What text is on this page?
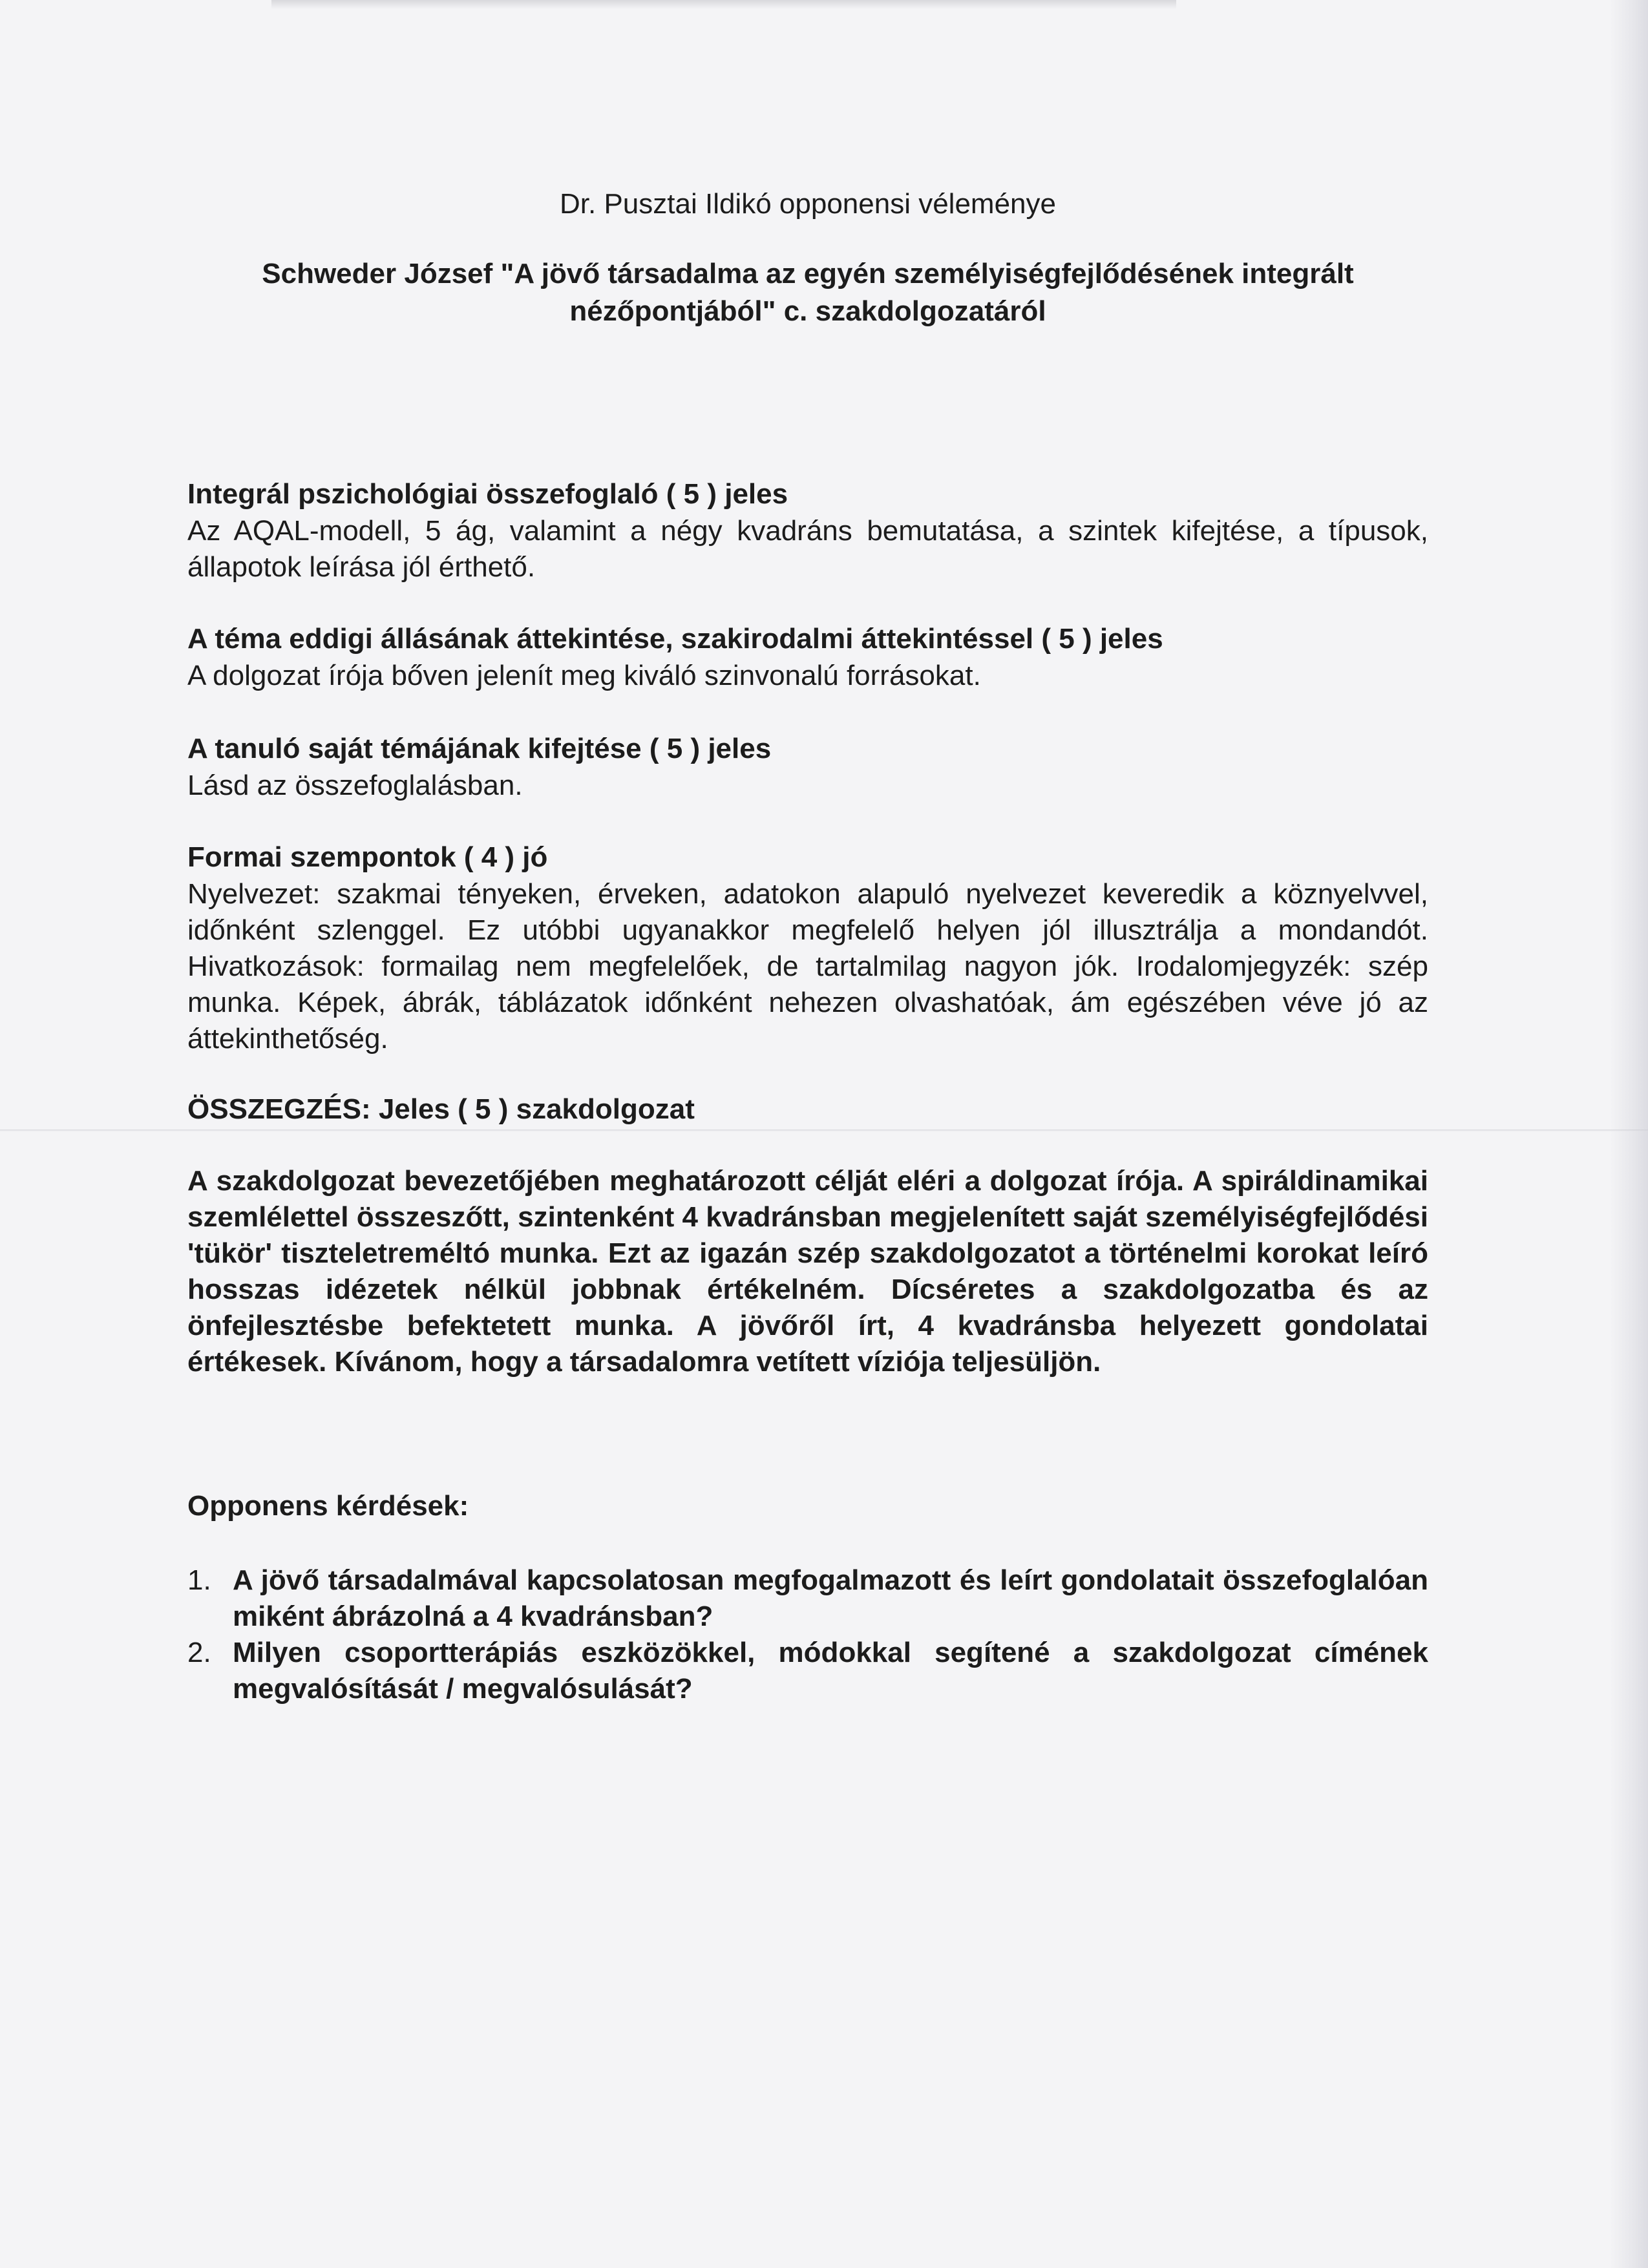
Dr. Pusztai Ildikó opponensi véleménye
Schweder József "A jövő társadalma az egyén személyiségfejlődésének integrált
nézőpontjából" c. szakdolgozatáról
Integrál pszichológiai összefoglaló ( 5 ) jeles
Az AQAL-modell, 5 ág, valamint a négy kvadráns bemutatása, a szintek kifejtése, a típusok, állapotok leírása jól érthető.
A téma eddigi állásának áttekintése, szakirodalmi áttekintéssel ( 5 ) jeles
A dolgozat írója bőven jelenít meg kiváló szinvonalú forrásokat.
A tanuló saját témájának kifejtése ( 5 ) jeles
Lásd az összefoglalásban.
Formai szempontok ( 4 ) jó
Nyelvezet: szakmai tényeken, érveken, adatokon alapuló nyelvezet keveredik a köznyelvvel, időnként szlenggel. Ez utóbbi ugyanakkor megfelelő helyen jól illusztrálja a mondandót. Hivatkozások: formailag nem megfelelőek, de tartalmilag nagyon jók. Irodalomjegyzék: szép munka. Képek, ábrák, táblázatok időnként nehezen olvashatóak, ám egészében véve jó az áttekinthetőség.
ÖSSZEGZÉS: Jeles ( 5 ) szakdolgozat
A szakdolgozat bevezetőjében meghatározott célját eléri a dolgozat írója. A spiráldinamikai szemlélettel összeszőtt, szintenként 4 kvadránsban megjelenített saját személyiségfejlődési 'tükör' tiszteletreméltó munka. Ezt az igazán szép szakdolgozatot a történelmi korokat leíró hosszas idézetek nélkül jobbnak értékelném. Dícséretes a szakdolgozatba és az önfejlesztésbe befektetett munka. A jövőről írt, 4 kvadránsba helyezett gondolatai értékesek. Kívánom, hogy a társadalomra vetített víziója teljesüljön.
Opponens kérdések:
1. A jövő társadalmával kapcsolatosan megfogalmazott és leírt gondolatait összefoglalóan miként ábrázolná a 4 kvadránsban?
2. Milyen csoportterápiás eszközökkel, módokkal segítené a szakdolgozat címének megvalósítását / megvalósulását?
